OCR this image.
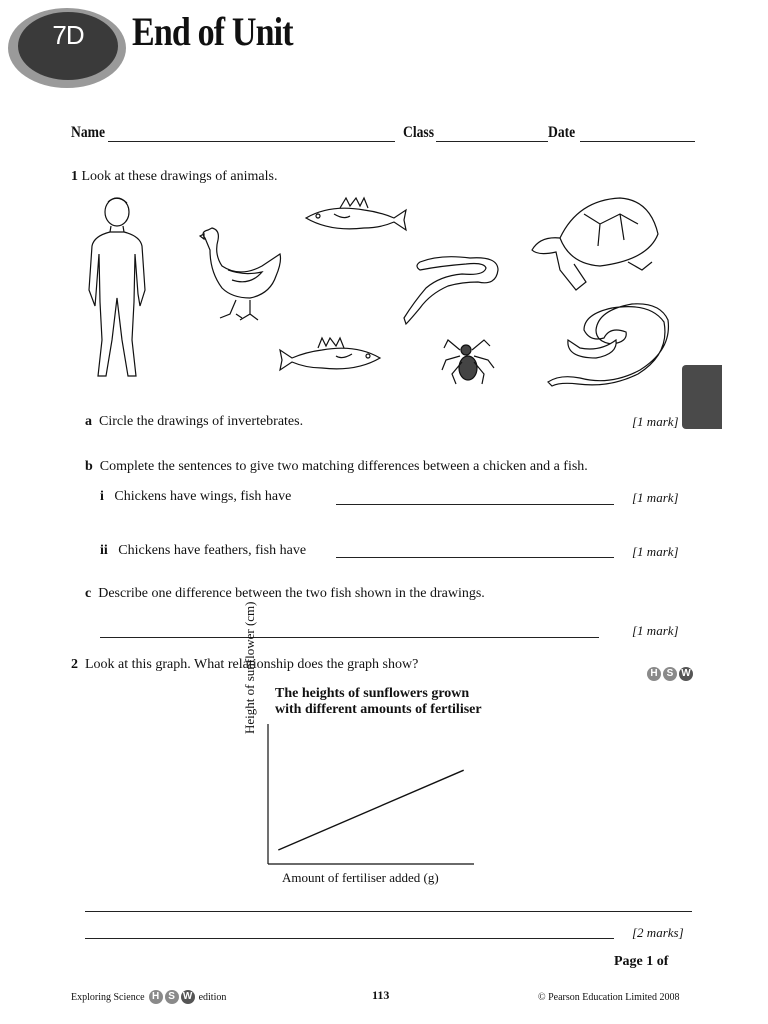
7D	End of Unit
Name	Class	Date
1 Look at these drawings of animals.
a Circle the drawings of invertebrates.	[1 mark]
b Complete the sentences to give two matching differences between a chicken and a fish.
i Chickens have wings, fish have	[1 mark]
ii Chickens have feathers, fish have	[1 mark]
c Describe one difference between the two fish shown in the drawings.
[1 mark]
2 Look at this graph. What relationship does the graph show?
H S W
The heights of sunflowers grown
with different amounts of fertiliser
Height of sunflower (cm)
Amount of fertiliser added (g)
[2 marks]
Page 1 of
Exploring Science H S W edition	113	© Pearson Education Limited 2008
